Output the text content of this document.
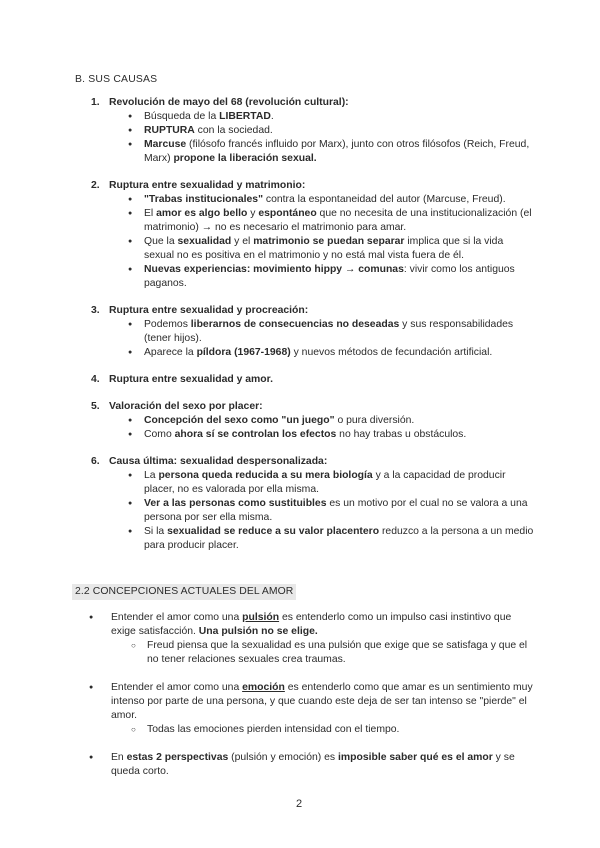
B. SUS CAUSAS
1. Revolución de mayo del 68 (revolución cultural):
● Búsqueda de la LIBERTAD.
● RUPTURA con la sociedad.
● Marcuse (filósofo francés influido por Marx), junto con otros filósofos (Reich, Freud, Marx) propone la liberación sexual.
2. Ruptura entre sexualidad y matrimonio:
● "Trabas institucionales" contra la espontaneidad del autor (Marcuse, Freud).
● El amor es algo bello y espontáneo que no necesita de una institucionalización (el matrimonio) → no es necesario el matrimonio para amar.
● Que la sexualidad y el matrimonio se puedan separar implica que si la vida sexual no es positiva en el matrimonio y no está mal vista fuera de él.
● Nuevas experiencias: movimiento hippy → comunas: vivir como los antiguos paganos.
3. Ruptura entre sexualidad y procreación:
● Podemos liberarnos de consecuencias no deseadas y sus responsabilidades (tener hijos).
● Aparece la píldora (1967-1968) y nuevos métodos de fecundación artificial.
4. Ruptura entre sexualidad y amor.
5. Valoración del sexo por placer:
● Concepción del sexo como "un juego" o pura diversión.
● Como ahora sí se controlan los efectos no hay trabas u obstáculos.
6. Causa última: sexualidad despersonalizada:
● La persona queda reducida a su mera biología y a la capacidad de producir placer, no es valorada por ella misma.
● Ver a las personas como sustituibles es un motivo por el cual no se valora a una persona por ser ella misma.
● Si la sexualidad se reduce a su valor placentero reduzco a la persona a un medio para producir placer.
2.2 CONCEPCIONES ACTUALES DEL AMOR
● Entender el amor como una pulsión es entenderlo como un impulso casi instintivo que exige satisfacción. Una pulsión no se elige.
○ Freud piensa que la sexualidad es una pulsión que exige que se satisfaga y que el no tener relaciones sexuales crea traumas.
● Entender el amor como una emoción es entenderlo como que amar es un sentimiento muy intenso por parte de una persona, y que cuando este deja de ser tan intenso se "pierde" el amor.
○ Todas las emociones pierden intensidad con el tiempo.
● En estas 2 perspectivas (pulsión y emoción) es imposible saber qué es el amor y se queda corto.
2
